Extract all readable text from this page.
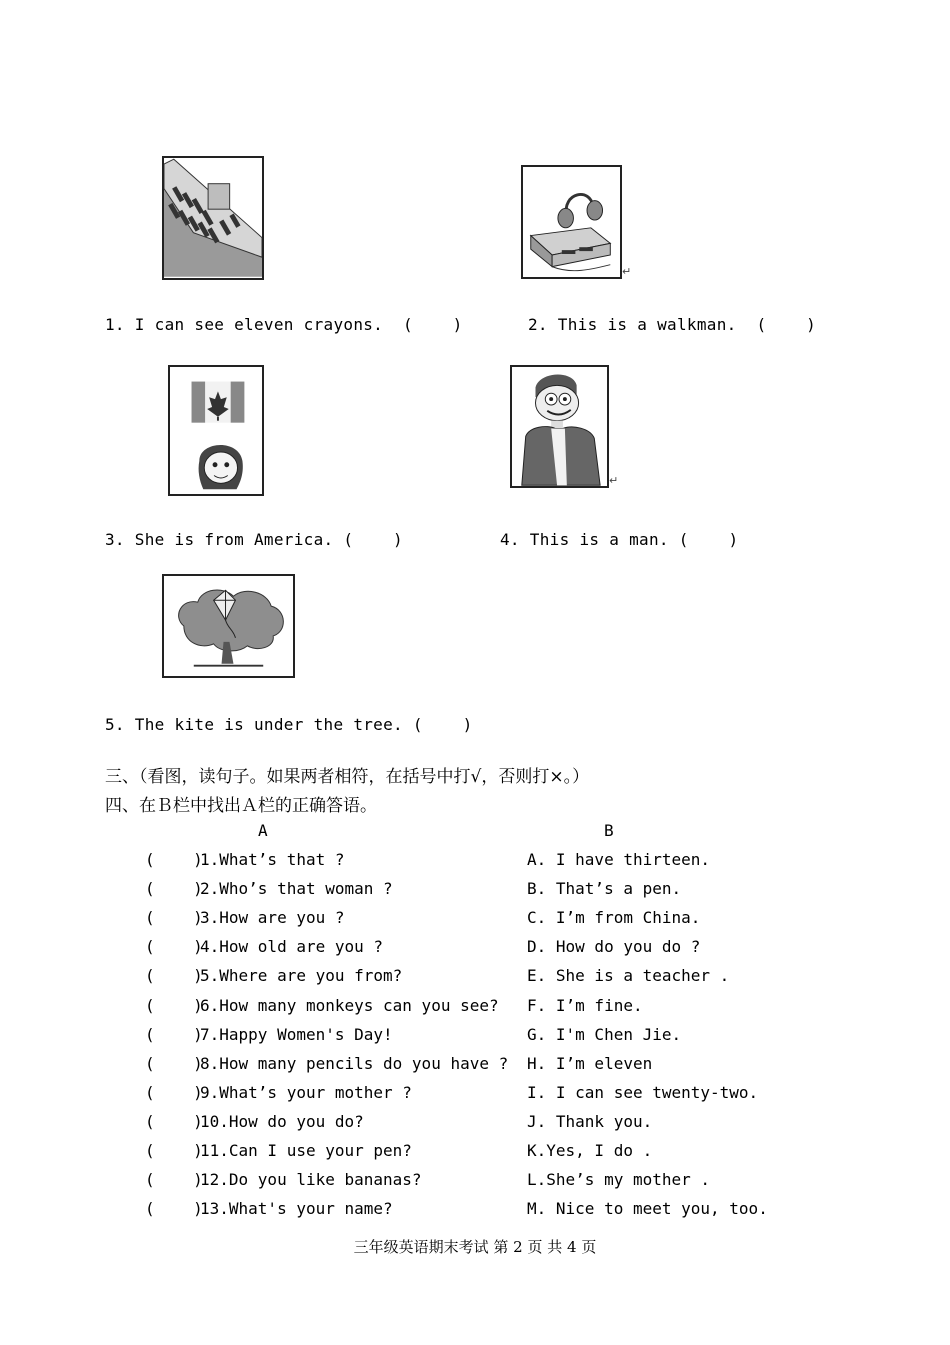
↵
↵
1. I can see eleven crayons.  (    )	2. This is a walkman.  (    )
3. She is from America. (    )	4. This is a man. (    )
5. The kite is under the tree. (    )
三、（看图，读句子。如果两者相符，在括号中打√，否则打×。）
四、在Ｂ栏中找出Ａ栏的正确答语。
A	B
(    )
1.What’s that ?	A. I have thirteen.
(    )
2.Who’s that woman ?	B. That’s a pen.
(    )
3.How are you ?	C. I’m from China.
(    )
4.How old are you ?	D. How do you do ?
(    )
5.Where are you from?	E. She is a teacher .
(    )
6.How many monkeys can you see? F. I’m fine.
(    )
7.Happy Women's Day!	G. I'm Chen Jie.
(    )
8.How many pencils do you have ? H. I’m eleven
(    )
9.What’s your mother ?	I. I can see twenty-two.
(    )
10.How do you do?	J. Thank you.
(    )
11.Can I use your pen?	K.Yes, I do .
(    )
12.Do you like bananas?	L.She’s my mother .
(    )
13.What's your name?	M. Nice to meet you, too.
三年级英语期末考试 第 2 页 共 4 页
